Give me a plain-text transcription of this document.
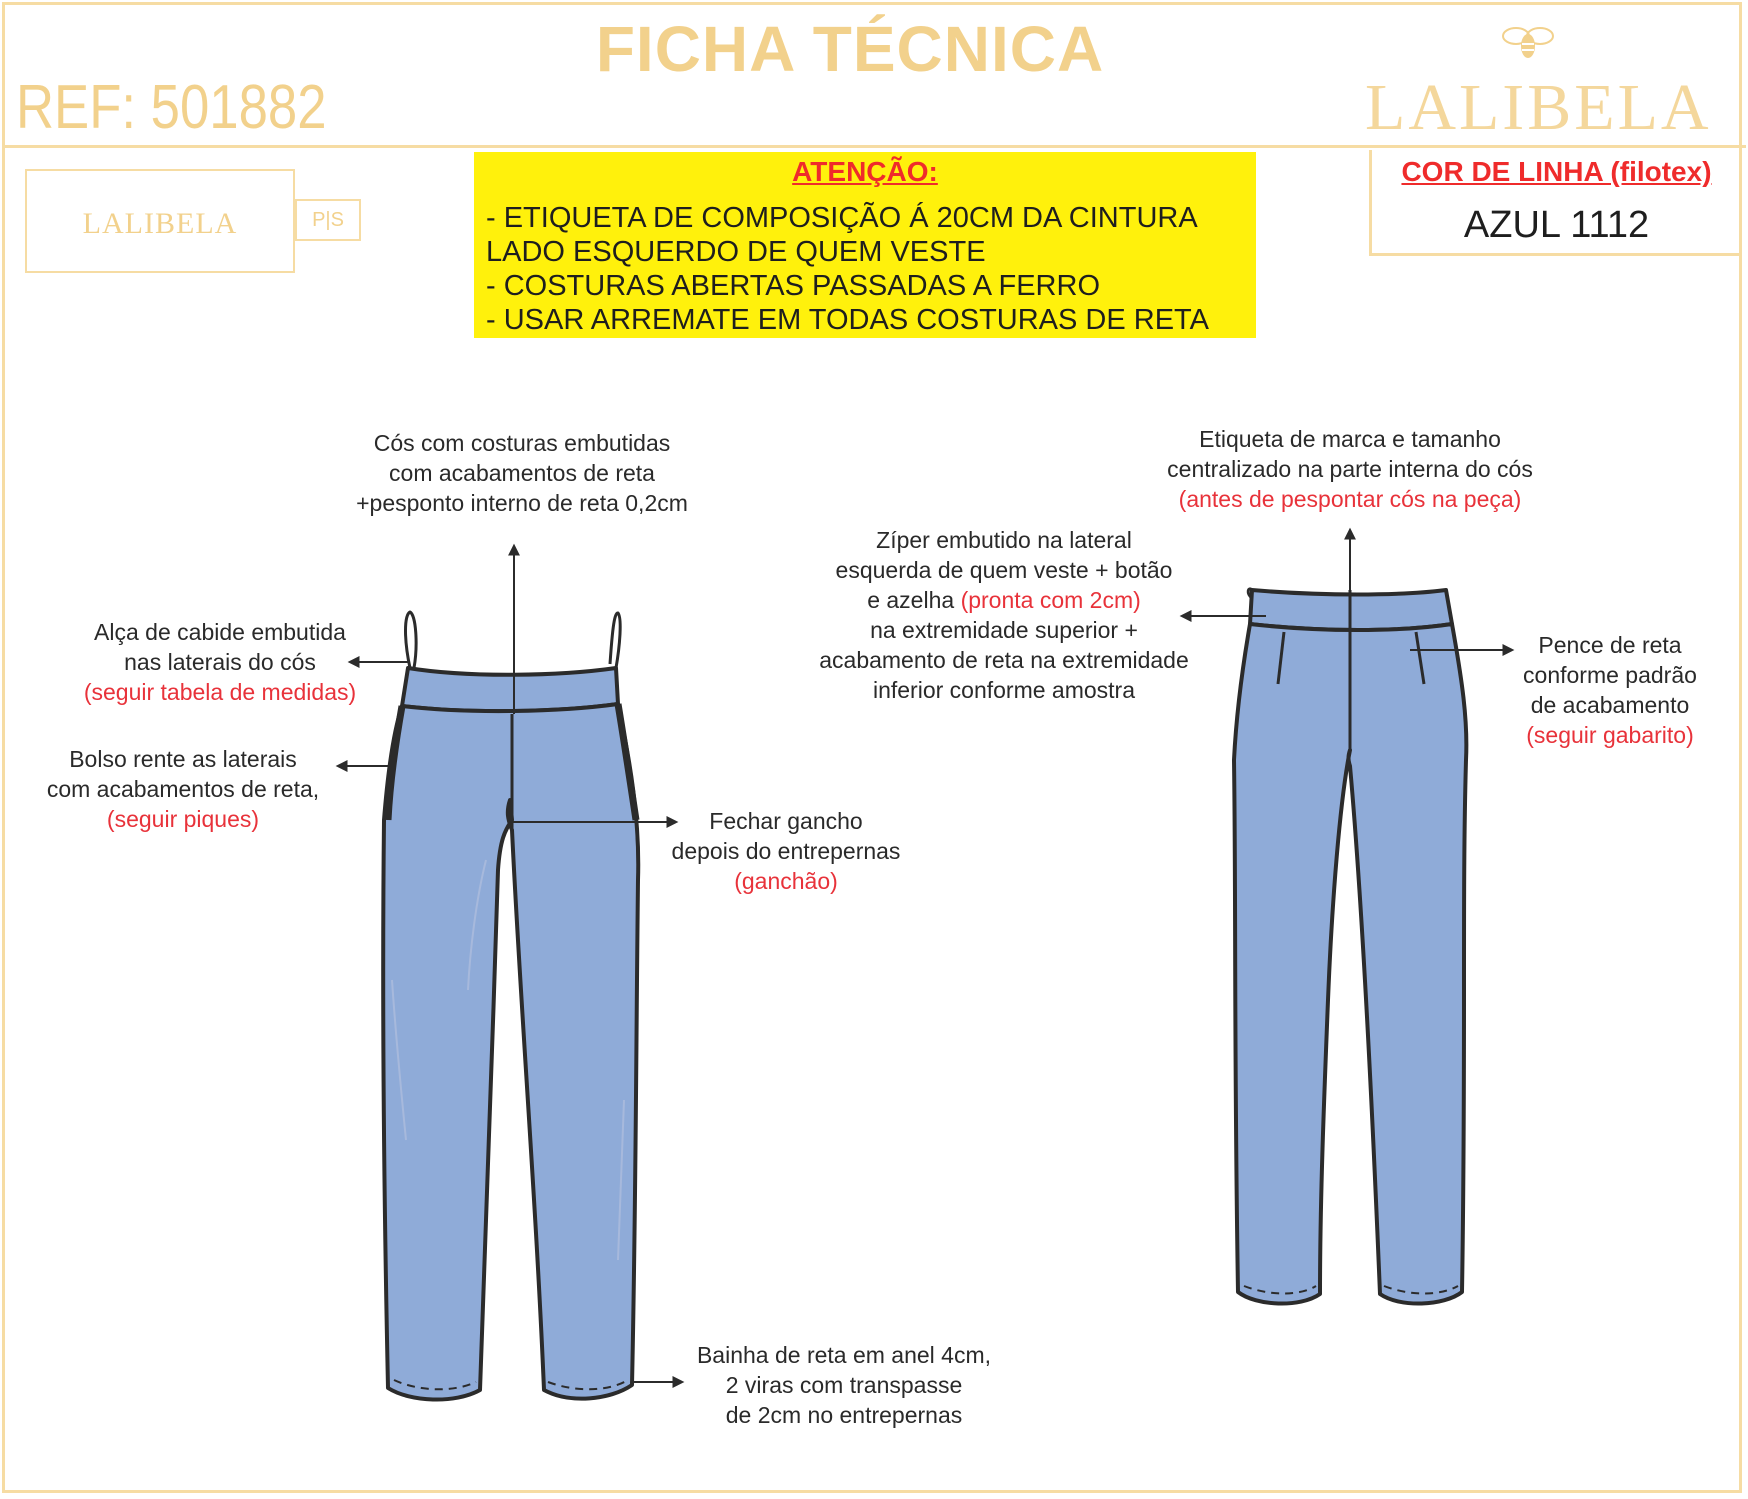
FICHA TÉCNICA
REF: 501882	LALIBELA
LALIBELA	P|S
ATENÇÃO:
- ETIQUETA DE COMPOSIÇÃO Á 20CM DA CINTURA
LADO ESQUERDO DE QUEM VESTE
- COSTURAS ABERTAS PASSADAS A FERRO
- USAR ARREMATE EM TODAS COSTURAS DE RETA
COR DE LINHA (filotex)
AZUL 1112
Cós com costuras embutidas
com acabamentos de reta
+pesponto interno de reta 0,2cm
Alça de cabide embutida
nas laterais do cós
(seguir tabela de medidas)
Bolso rente as laterais
com acabamentos de reta,
(seguir piques)	Fechar gancho
depois do entrepernas
(ganchão)
Bainha de reta em anel 4cm,
2 viras com transpasse
de 2cm no entrepernas
Etiqueta de marca e tamanho
centralizado na parte interna do cós
(antes de pespontar cós na peça)
Zíper embutido na lateral
esquerda de quem veste + botão
e azelha (pronta com 2cm)
na extremidade superior +
acabamento de reta na extremidade
inferior conforme amostra
Pence de reta
conforme padrão
de acabamento
(seguir gabarito)
